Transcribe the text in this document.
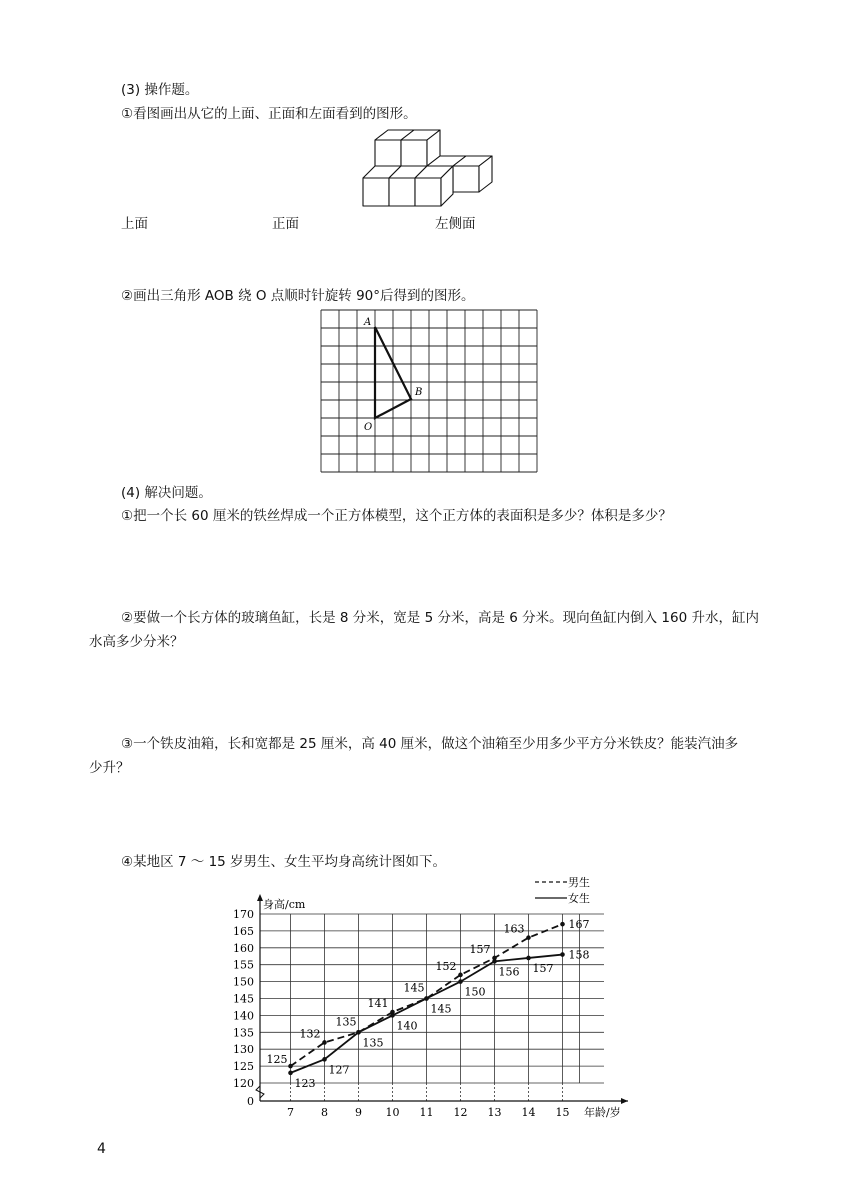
(3) 操作题。
①看图画出从它的上面、正面和左面看到的图形。
上面	正面	左侧面
②画出三角形 AOB 绕 O 点顺时针旋转 90°后得到的图形。
A
B
O
(4) 解决问题。
①把一个长 60 厘米的铁丝焊成一个正方体模型，这个正方体的表面积是多少？体积是多少？
②要做一个长方体的玻璃鱼缸，长是 8 分米，宽是 5 分米，高是 6 分米。现向鱼缸内倒入 160 升水，缸内
水高多少分米？
③一个铁皮油箱，长和宽都是 25 厘米，高 40 厘米，做这个油箱至少用多少平方分米铁皮？能装汽油多
少升？
④某地区 7 ～ 15 岁男生、女生平均身高统计图如下。
0
120
125
130
135
140
145
150
155
160
165
170
7 8 9 10 11 12 13 14 15
身高/cm
年龄/岁
男生
女生
125
132
135
141
145
152
157
163	167
123
127
135
140
145
150
156 157
158
4
